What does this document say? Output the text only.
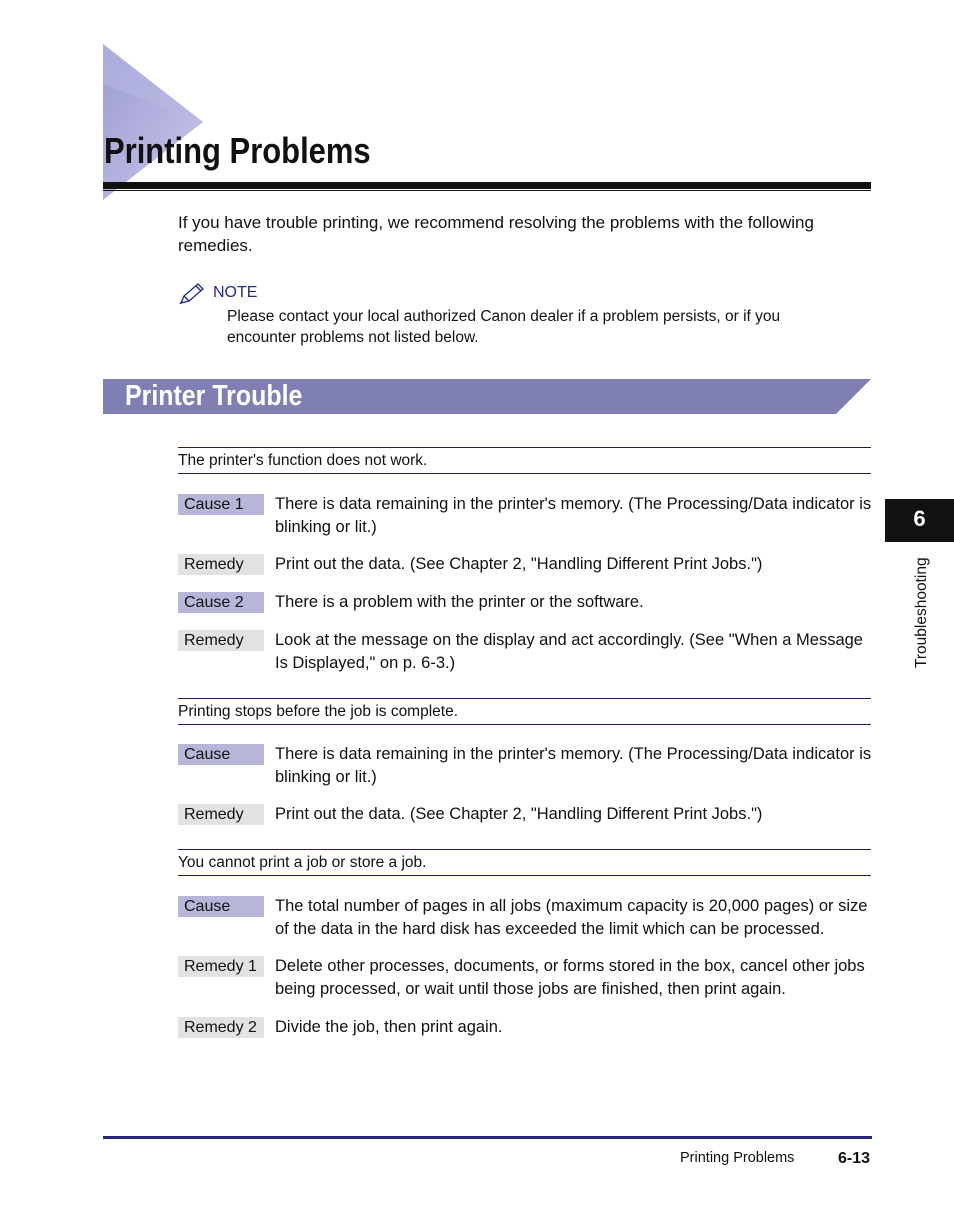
Printing Problems

If you have trouble printing, we recommend resolving the problems with the following remedies.

NOTE

Please contact your local authorized Canon dealer if a problem persists, or if you encounter problems not listed below.

Printer Trouble
The printer's function does not work.
Cause 1	There is data remaining in the printer's memory. (The Processing/Data indicator is blinking or lit.)

Remedy	Print out the data. (See Chapter 2, "Handling Different Print Jobs.")

Cause 2	There is a problem with the printer or the software.

Remedy	Look at the message on the display and act accordingly. (See "When a Message Is Displayed," on p. 6-3.)

Printing stops before the job is complete.
Cause	There is data remaining in the printer's memory. (The Processing/Data indicator is blinking or lit.)

Remedy	Print out the data. (See Chapter 2, "Handling Different Print Jobs.")

You cannot print a job or store a job.
Cause	The total number of pages in all jobs (maximum capacity is 20,000 pages) or size of the data in the hard disk has exceeded the limit which can be processed.

Remedy 1	Delete other processes, documents, or forms stored in the box, cancel other jobs being processed, or wait until those jobs are finished, then print again.

Remedy 2	Divide the job, then print again.

6
Troubleshooting
Printing Problems	6-13
